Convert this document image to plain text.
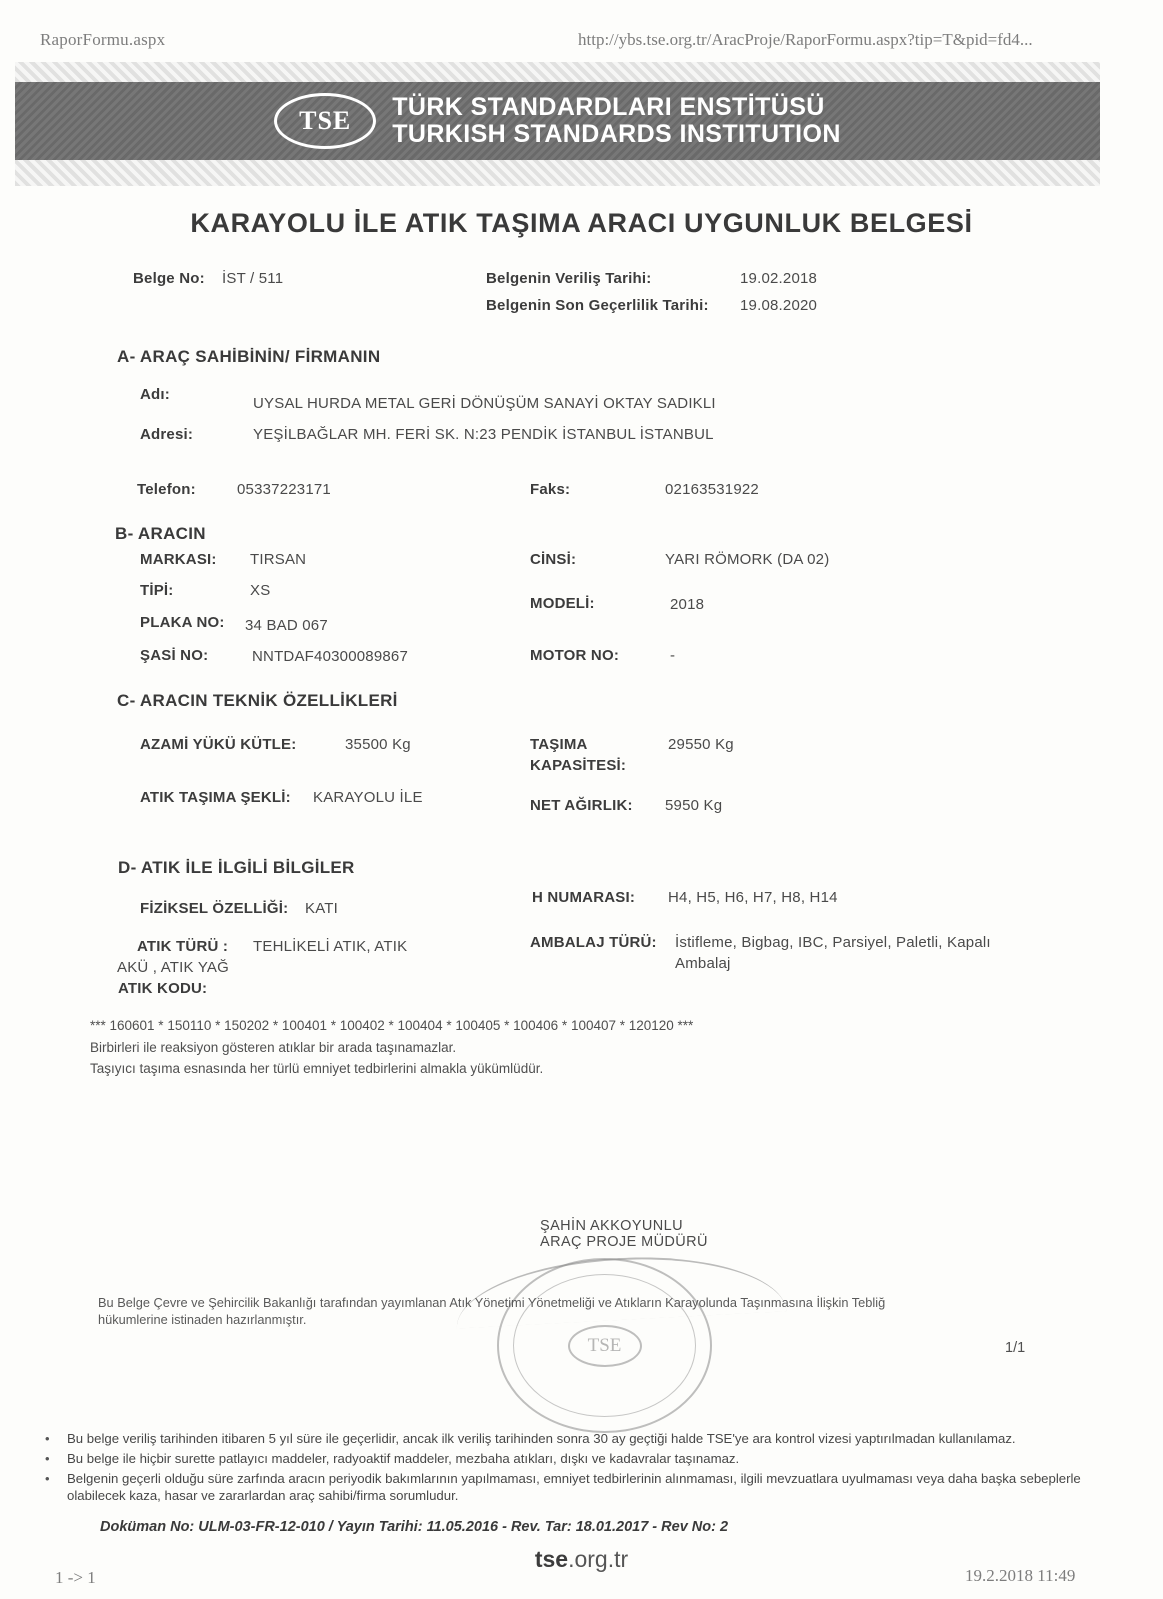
RaporFormu.aspx	http://ybs.tse.org.tr/AracProje/RaporFormu.aspx?tip=T&pid=fd4...
TSE	TÜRK STANDARDLARI ENSTİTÜSÜ
TURKISH STANDARDS INSTITUTION
KARAYOLU İLE ATIK TAŞIMA ARACI UYGUNLUK BELGESİ
Belge No: İST / 511	Belgenin Veriliş Tarihi:	19.02.2018
Belgenin Son Geçerlilik Tarihi: 19.08.2020
A- ARAÇ SAHİBİNİN/ FİRMANIN
Adı:
UYSAL HURDA METAL GERİ DÖNÜŞÜM SANAYİ OKTAY SADIKLI
Adresi:	YEŞİLBAĞLAR MH. FERİ SK. N:23 PENDİK İSTANBUL İSTANBUL
Telefon:	05337223171	Faks:	02163531922
B- ARACIN
MARKASI: TIRSAN
TİPİ:	XS
PLAKA NO: 34 BAD 067
ŞASİ NO:	NNTDAF40300089867
CİNSİ:	YARI RÖMORK (DA 02)
MODELİ:	2018
MOTOR NO:	-
C- ARACIN TEKNİK ÖZELLİKLERİ
AZAMİ YÜKÜ KÜTLE:	35500 Kg
ATIK TAŞIMA ŞEKLİ: KARAYOLU İLE
TAŞIMA
KAPASİTESİ:
29550 Kg
NET AĞIRLIK: 5950 Kg
D- ATIK İLE İLGİLİ BİLGİLER
FİZİKSEL ÖZELLİĞİ: KATI
ATIK TÜRÜ : TEHLİKELİ ATIK, ATIK
AKÜ , ATIK YAĞ
ATIK KODU:
H NUMARASI: H4, H5, H6, H7, H8, H14
AMBALAJ TÜRÜ: İstifleme, Bigbag, IBC, Parsiyel, Paletli, Kapalı
Ambalaj
*** 160601 * 150110 * 150202 * 100401 * 100402 * 100404 * 100405 * 100406 * 100407 * 120120 ***
Birbirleri ile reaksiyon gösteren atıklar bir arada taşınamazlar.
Taşıyıcı taşıma esnasında her türlü emniyet tedbirlerini almakla yükümlüdür.
ŞAHİN AKKOYUNLU
ARAÇ PROJE MÜDÜRÜ
TSE
Bu Belge Çevre ve Şehircilik Bakanlığı tarafından yayımlanan Atık Yönetimi Yönetmeliği ve Atıkların Karayolunda Taşınmasına İlişkin Tebliğ hükumlerine istinaden hazırlanmıştır.
1/1
• Bu belge veriliş tarihinden itibaren 5 yıl süre ile geçerlidir, ancak ilk veriliş tarihinden sonra 30 ay geçtiği halde TSE'ye ara kontrol vizesi yaptırılmadan kullanılamaz.
• Bu belge ile hiçbir surette patlayıcı maddeler, radyoaktif maddeler, mezbaha atıkları, dışkı ve kadavralar taşınamaz.
• Belgenin geçerli olduğu süre zarfında aracın periyodik bakımlarının yapılmaması, emniyet tedbirlerinin alınmaması, ilgili mevzuatlara uyulmaması veya daha başka sebeplerle olabilecek kaza, hasar ve zararlardan araç sahibi/firma sorumludur.
Doküman No: ULM-03-FR-12-010 / Yayın Tarihi: 11.05.2016 - Rev. Tar: 18.01.2017 - Rev No: 2
tse.org.tr
1 -> 1	19.2.2018 11:49
